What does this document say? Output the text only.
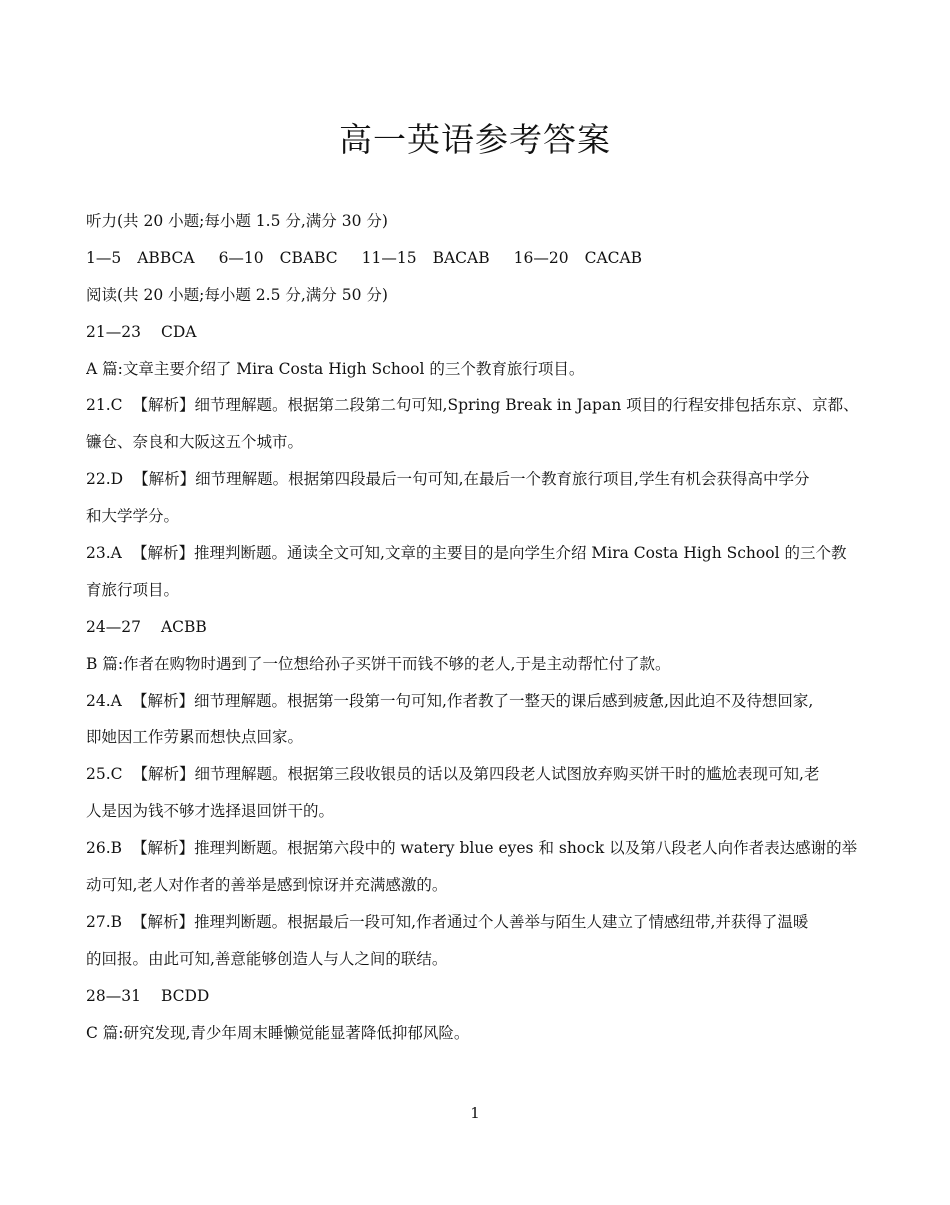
高一英语参考答案
听力(共 20 小题;每小题 1.5 分,满分 30 分)
1—5 ABBCA 6—10 CBABC 11—15 BACAB 16—20 CACAB
阅读(共 20 小题;每小题 2.5 分,满分 50 分)
21—23 CDA
A 篇:文章主要介绍了 Mira Costa High School 的三个教育旅行项目。
21.C 【解析】细节理解题。根据第二段第二句可知,Spring Break in Japan 项目的行程安排包括东京、京都、
镰仓、奈良和大阪这五个城市。
22.D 【解析】细节理解题。根据第四段最后一句可知,在最后一个教育旅行项目,学生有机会获得高中学分
和大学学分。
23.A 【解析】推理判断题。通读全文可知,文章的主要目的是向学生介绍 Mira Costa High School 的三个教
育旅行项目。
24—27 ACBB
B 篇:作者在购物时遇到了一位想给孙子买饼干而钱不够的老人,于是主动帮忙付了款。
24.A 【解析】细节理解题。根据第一段第一句可知,作者教了一整天的课后感到疲惫,因此迫不及待想回家,
即她因工作劳累而想快点回家。
25.C 【解析】细节理解题。根据第三段收银员的话以及第四段老人试图放弃购买饼干时的尴尬表现可知,老
人是因为钱不够才选择退回饼干的。
26.B 【解析】推理判断题。根据第六段中的 watery blue eyes 和 shock 以及第八段老人向作者表达感谢的举
动可知,老人对作者的善举是感到惊讶并充满感激的。
27.B 【解析】推理判断题。根据最后一段可知,作者通过个人善举与陌生人建立了情感纽带,并获得了温暖
的回报。由此可知,善意能够创造人与人之间的联结。
28—31 BCDD
C 篇:研究发现,青少年周末睡懒觉能显著降低抑郁风险。
1
